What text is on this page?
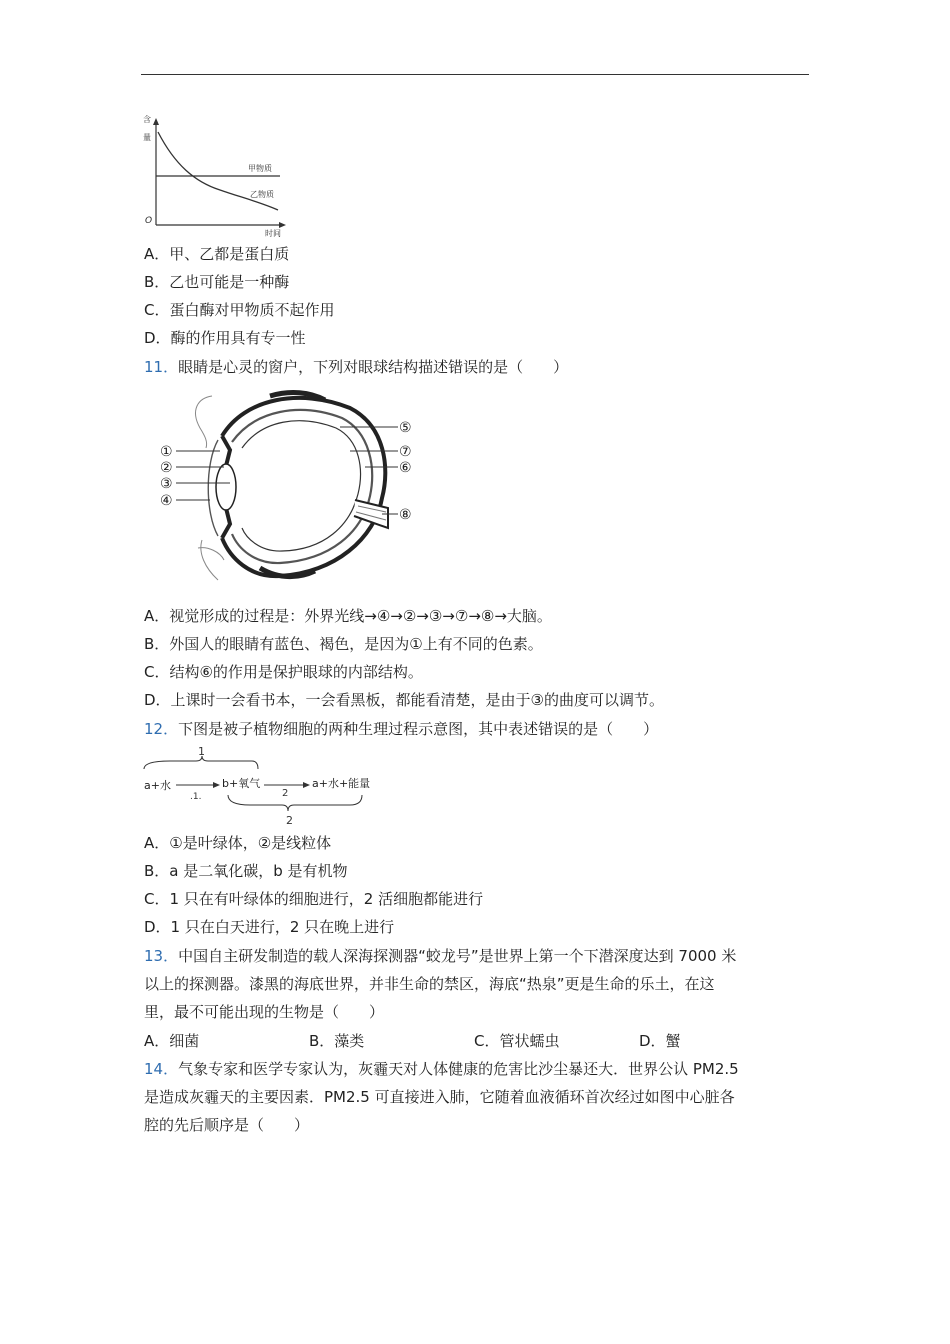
含
量
O
时间
甲物质
乙物质
A．甲、乙都是蛋白质
B．乙也可能是一种酶
C．蛋白酶对甲物质不起作用
D．酶的作用具有专一性
11．眼睛是心灵的窗户，下列对眼球结构描述错误的是（　　）
①
②
③
④
⑤
⑦
⑥
⑧
A．视觉形成的过程是：外界光线→④→②→③→⑦→⑧→大脑。
B．外国人的眼睛有蓝色、褐色，是因为①上有不同的色素。
C．结构⑥的作用是保护眼球的内部结构。
D．上课时一会看书本，一会看黑板，都能看清楚，是由于③的曲度可以调节。
12．下图是被子植物细胞的两种生理过程示意图，其中表述错误的是（　　）
1
a+水
.1.
b+氧气
2
a+水+能量
2
A．①是叶绿体，②是线粒体
B．a 是二氧化碳，b 是有机物
C．1 只在有叶绿体的细胞进行，2 活细胞都能进行
D．1 只在白天进行，2 只在晚上进行
13．中国自主研发制造的载人深海探测器“蛟龙号”是世界上第一个下潜深度达到 7000 米
以上的探测器。漆黑的海底世界，并非生命的禁区，海底“热泉”更是生命的乐土，在这
里，最不可能出现的生物是（　　）
A．细菌	B．藻类	C．管状蠕虫	D．蟹
14．气象专家和医学专家认为，灰霾天对人体健康的危害比沙尘暴还大．世界公认 PM2.5
是造成灰霾天的主要因素．PM2.5 可直接进入肺，它随着血液循环首次经过如图中心脏各
腔的先后顺序是（　　）
